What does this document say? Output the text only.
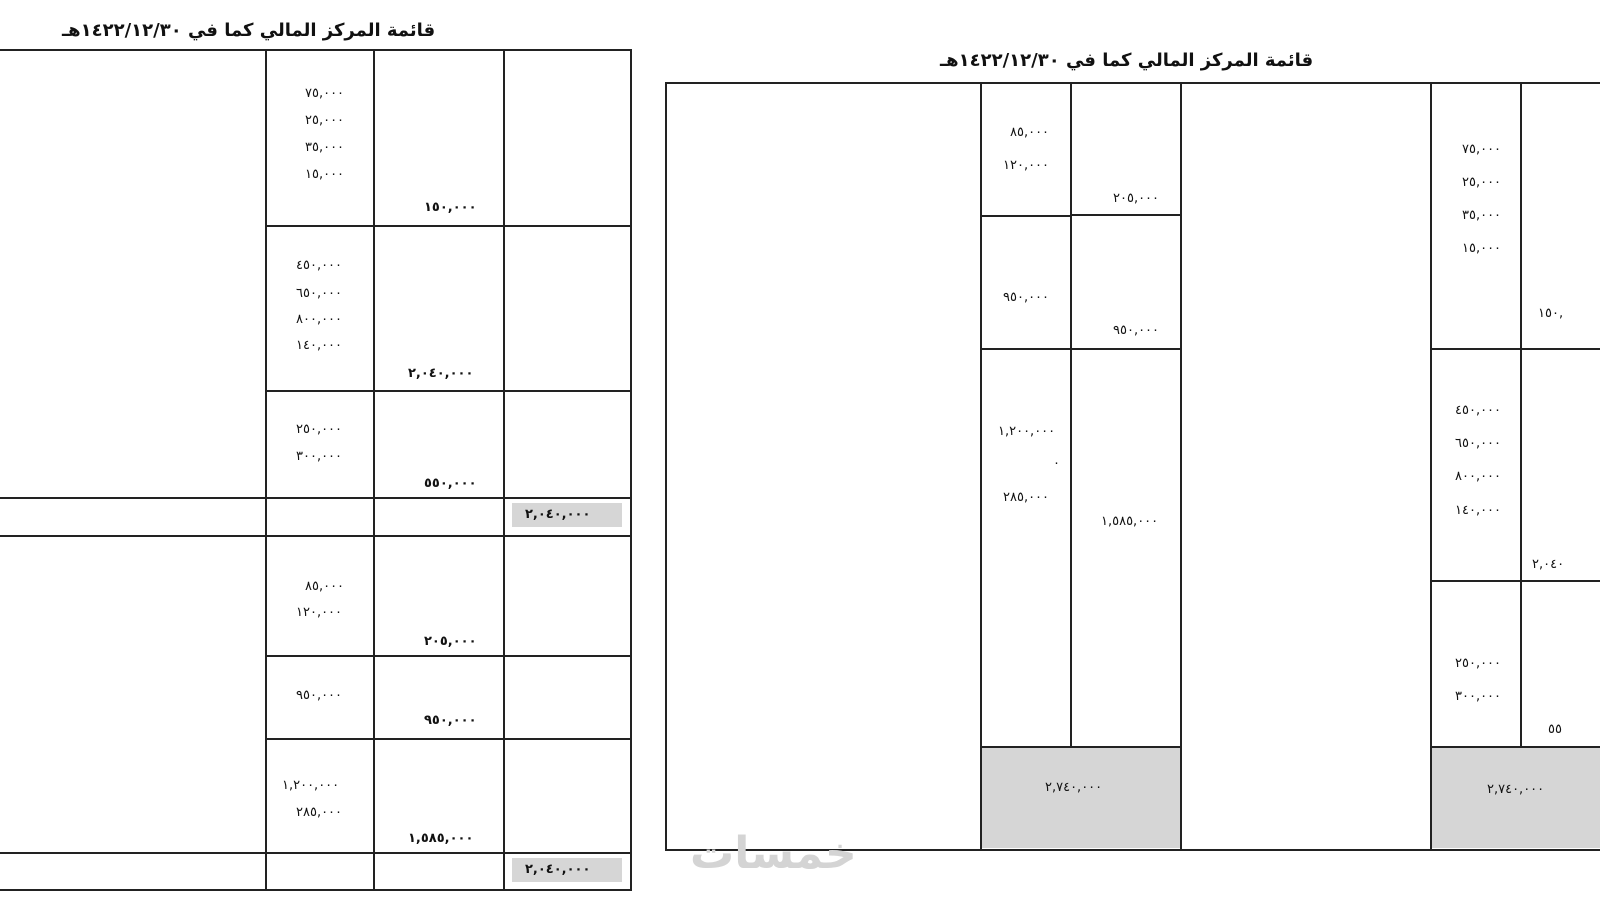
قائمة المركز المالي كما في ١٤٢٢/١٢/٣٠هـ
٧٥,٠٠٠
٢٥,٠٠٠
٣٥,٠٠٠
١٥,٠٠٠
١٥٠,٠٠٠
٤٥٠,٠٠٠
٦٥٠,٠٠٠
٨٠٠,٠٠٠
١٤٠,٠٠٠
٢,٠٤٠,٠٠٠
٢٥٠,٠٠٠
٣٠٠,٠٠٠
٥٥٠,٠٠٠
٢,٠٤٠,٠٠٠
٨٥,٠٠٠
١٢٠,٠٠٠
٢٠٥,٠٠٠
٩٥٠,٠٠٠
٩٥٠,٠٠٠
١,٢٠٠,٠٠٠
٢٨٥,٠٠٠
١,٥٨٥,٠٠٠
٢,٠٤٠,٠٠٠
قائمة المركز المالي كما في ١٤٢٢/١٢/٣٠هـ
٨٥,٠٠٠
١٢٠,٠٠٠
٢٠٥,٠٠٠
٩٥٠,٠٠٠
٩٥٠,٠٠٠
١,٢٠٠,٠٠٠
٠
٢٨٥,٠٠٠
١,٥٨٥,٠٠٠
٢,٧٤٠,٠٠٠
٧٥,٠٠٠
٢٥,٠٠٠
٣٥,٠٠٠
١٥,٠٠٠
١٥٠,
٤٥٠,٠٠٠
٦٥٠,٠٠٠
٨٠٠,٠٠٠
١٤٠,٠٠٠
٢,٠٤٠
٢٥٠,٠٠٠
٣٠٠,٠٠٠
٥٥
٢,٧٤٠,٠٠٠
خمسات
